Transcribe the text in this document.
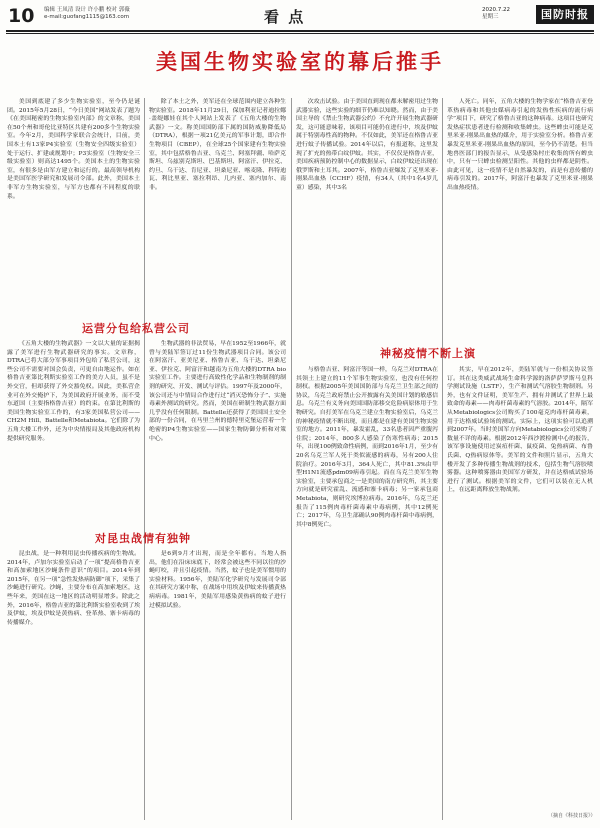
10 编辑 王凤清 设计 许小鹏 校对 郭薇
e-mail:guofang1115@163.com	看 点	2020.7.22
星期三	国防时报
美国生物实验室的幕后推手

美国到底建了多少生物实验室，至今仍是谜团。2015年5月28日，“今日美国”网站发表了题为《在美国秘密的生物实验室内部》的文章称，美国在50个州和哥伦比亚特区共建有200多个生物实验室。今年2月，美国科学家联合会统计，目前，美国本土有13家P4实验室（生物安全四级实验室）处于运行、扩建或规划中；P3实验室（生物安全三级实验室）则高达1495个。美国本土的生物实验室，有很多是由军方建立和运行的。最高领导机构是美国军医学研究和发展司令部。此外，美国本土非军方生物实验室，与军方也都有不同程度的联系。

除了本土之外，美军还在全球范围内建立各种生物实验室。2018年11月29日，保加利亚记者迪拉娜·盖缇娜娃在其个人网站上发表了《五角大楼的生物武器》一文。称美国国防部下属的国防威胁降低局（DTRA），根据一项21亿美元的军事计划，即合作生物项目（CBEP），在全球25个国家建有生物实验室，其中包括格鲁吉亚、乌克兰、阿塞拜疆、哈萨克斯坦、乌兹别克斯坦、巴基斯坦、阿富汗、伊拉克、约旦、乌干达、肯尼亚、坦桑尼亚、喀麦隆、科特迪瓦、利比里亚、塞拉利昂、几内亚、塞内加尔、南非。

次攻击试验。由于美国直到现在都未解密用过生物武器实验，这些实验的细节仍难以知晓。然而，由于美国主导的《禁止生物武器公约》不允许开展生物武器研发，这可能意味着，该项目可能仍在进行中，埃及伊蚊属于特别毒性高的物种。不仅如此，美军还在格鲁吉亚进行蚊子传播试验。2014年以后，有报道称，这里发现了扩充的热带白纹伊蚊。其实，不仅仅是格鲁吉亚，美国疾病预防控制中心的数据显示，白纹伊蚊还出现在俄罗斯和土耳其。2007年，格鲁吉亚爆发了克里米亚-刚果出血热（CCHF）疫情，有34人（其中1名4岁儿童）感染，其中3名

人死亡。同年，五角大楼的生物学家在“格鲁吉亚登革热病毒和其他虫媒病毒引起的发热性疾病的流行病学”项目下，研究了格鲁吉亚的这种病毒。这项目也研究发热症状患者进行检测和收集蜱虫。这些蜱虫可能是克里米亚-刚果出血热的媒介，用于实验室分析。格鲁吉亚暴发克里米亚-刚果出血热的原因，至今仍不清楚。但当地兽医部门的报告显示，从受感染村庄收集的所有蜱虫中，只有一只蜱虫检测呈阳性。其他的虫样都是阴性。由此可见，这一疫情不是自然暴发的，而是有意传播的病毒引发的。2017年，阿富汗也暴发了克里米亚-刚果出血热疫情。

运营分包给私营公司

《五角大楼的生物武器》一文以大量的证据揭露了美军进行生物武器研究的事实。文章称，DTRA已将大部分军事项目外包给了私营公司，这些公司不需要对国会负责，可更自由地运作。如在格鲁吉亚第比利斯实验室工作的美方人员，虽不是外交官，但却获得了外交豁免权。因此，美私营企业可在外交掩护下，为美国政府开展业务，而不受东道国（主要指格鲁吉亚）的约束。在第比利斯的美国生物实验室工作的，有3家美国私营公司——CH2M Hill、Battelle和Metabiota。它们除了为五角大楼工作外，还为中央情报局及其他政府机构提供研究服务。

生物武器的非法贸易，早在1952至1966年，就曾与美陆军签订过11份生物武器项目合同。该公司在阿富汗、亚美尼亚、格鲁吉亚、乌干达、坦桑尼亚、伊拉克、阿富汗和越南为五角大楼的DTRA bio实验室工作。主要进行高致性化学品和生物制剂的制剂的研究、开发、测试与评估。1997年及2000年，该公司还与中情局合作进行过“消灭恐怖分子”、实施毒素外测试的研究。然而，美国在研制生物武器方面几乎没有任何限制。Battelle还获得了美国国土安全部的一份合同，在马里兰州的德特里克堡运营着一个绝密的P4生物实验室——国家生物防御分析和对策中心。

神秘疫情不断上演

与格鲁吉亚、阿富汗等国一样，乌克兰对DTRA在其领土上建立的11个军事生物实验室，也没有任何控制权。根据2005年美国国防部与乌克兰卫生部之间的协议，乌克兰政府禁止公开披露有关美国计划的敏感信息。乌克兰有义务向美国国防部移交危险病原体用于生物研究。自打美军在乌克兰建立生物实验室后，乌克兰的神秘疫情就不断出现，而且都是在建有美国生物实验室的地方。2011年，暴发霍乱，33名患者因严重腹泻住院；2014年，800多人感染了伤寒性病毒；2015年，出现100例致命性病例，而到2016年1月，至少有20名乌克兰军人死于类似流感的病毒，另有200人住院治疗。2016年3月，364人死亡，其中81.3%由甲型H1N1流感pdm09病毒引起。而在乌克兰美军生物实验室，主要承包商之一是美国的南方研究所，其主要方向就是研究霍乱、流感和寨卡病毒；另一家承包商Metabiota，则研究埃博拉病毒。2016年，乌克兰还报告了115例肉毒杆菌毒素中毒病例，其中12例死亡；2017年，乌卫生部确认90例肉毒杆菌中毒病例，其中8例死亡。

其实，早在2012年，美陆军就与一份相关协议签订。其在这类威武战场生命科学源的洛萨萨罗斯马皇科学测试设施（LSTF），生产和测试气溶胶生物制剂。另外，也有文件证明，美军生产、拥有并测试了世界上最致命的毒素——肉毒杆菌毒素的气溶胶。2014年，隔军从Metabiologics公司购买了100毫克肉毒杆菌毒素，用于达格威试验场的测试。实际上，这项实验可以追溯到2007年。当时美国军方向Metabiologics公司采购了数量不详的毒素。根据2012年西沙渡检测中心的报告，该军事设施使用过炭疽杆菌、鼠疫菌、兔热病菌、布鲁氏菌、Q热病原体等。美军的文件和照片显示，五角大楼开发了多种传播生物战剂的技术，包括生物气溶胶喷雾器。这种喷雾器由美国军方研发，并在达格威试验场进行了测试。根据美军的文件，它们可以装在无人机上，在远距离释放生物战剂。

对昆虫战情有独钟

昆虫战，是一种利用昆虫传播疾病的生物战。2014年，卢加尔实验室启动了一项“提高格鲁吉亚和高加索地区沙蝇条件意识”的项目。2014年到2015年，在另一项“急性发热病防御”项下，采集了沙蝇进行研究。沙蝇，主要分布在高加索地区，这些年来，美国在这一地区的活动明显增多。除此之外，2016年，格鲁吉亚的第比利斯实验室收到了埃及伊蚊，埃及伊蚊是黄热病、登革热、寨卡病毒的传播媒介。

是6到9月才出现，而是全年都有。当地人指出，他们在沿床床底下，经常会被这些不同以往的沙蝇叮咬，并且引起疫情。当然，蚊子也是美军惯用的实验材料。1956年，美陆军化学研究与发展司令部在其研究方案中称，在战场中用埃及伊蚊来传播黄热病病毒。1981年，美陆军用感染黄热病的蚊子进行过模拟试验。

（摘自《科技日报》）
